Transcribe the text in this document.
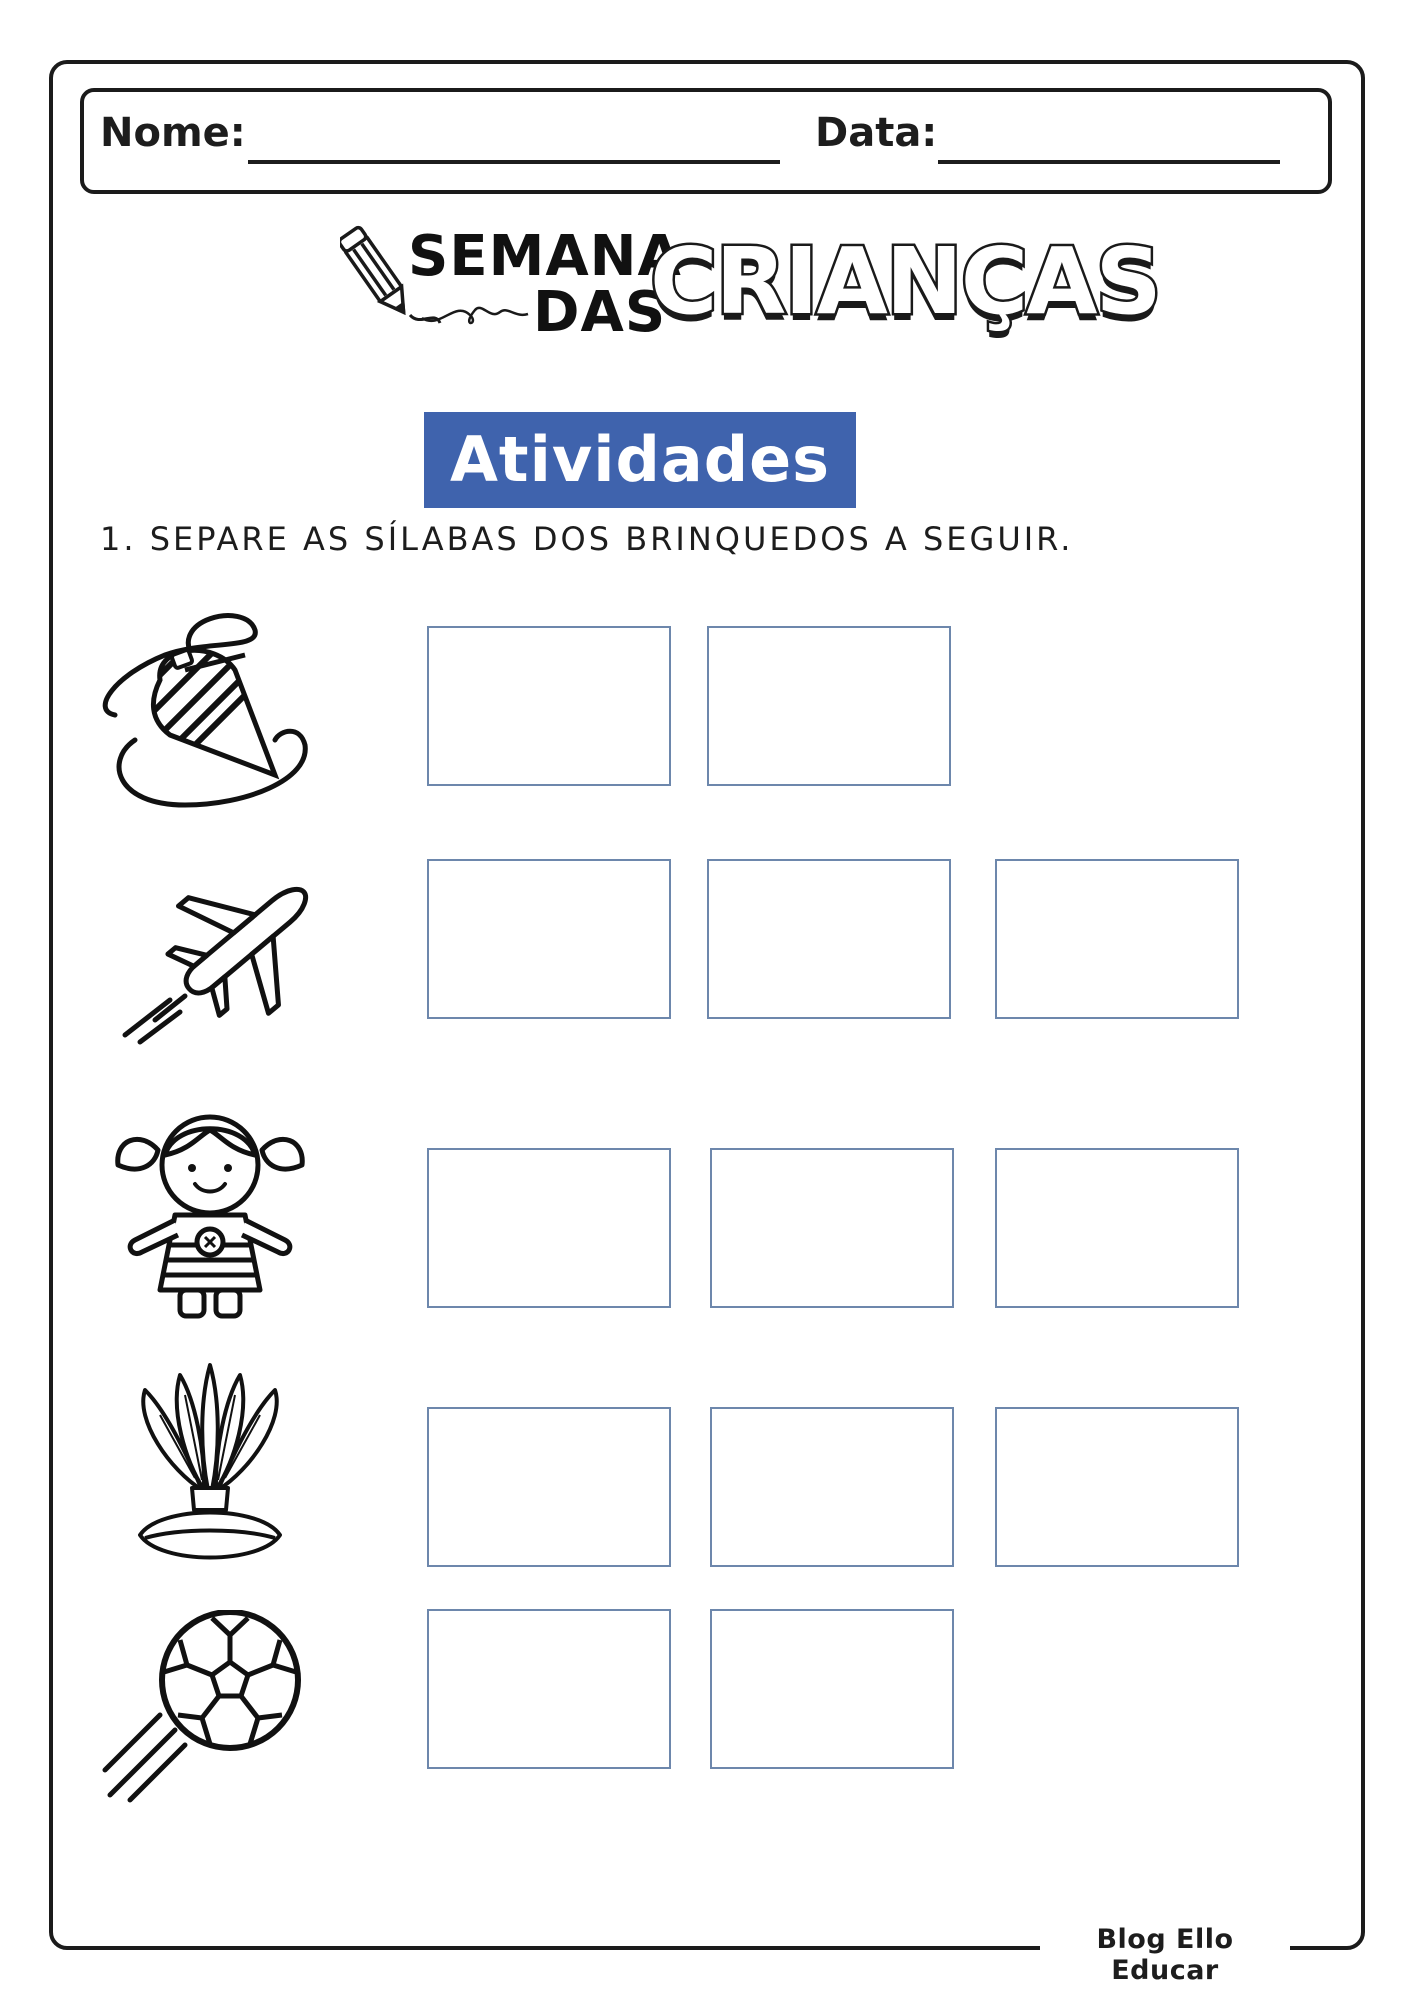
Blog Ello Educar
Nome:	Data:
SEMANA
DAS
CRIANÇAS
Atividades
1. SEPARE AS SÍLABAS DOS BRINQUEDOS A SEGUIR.
